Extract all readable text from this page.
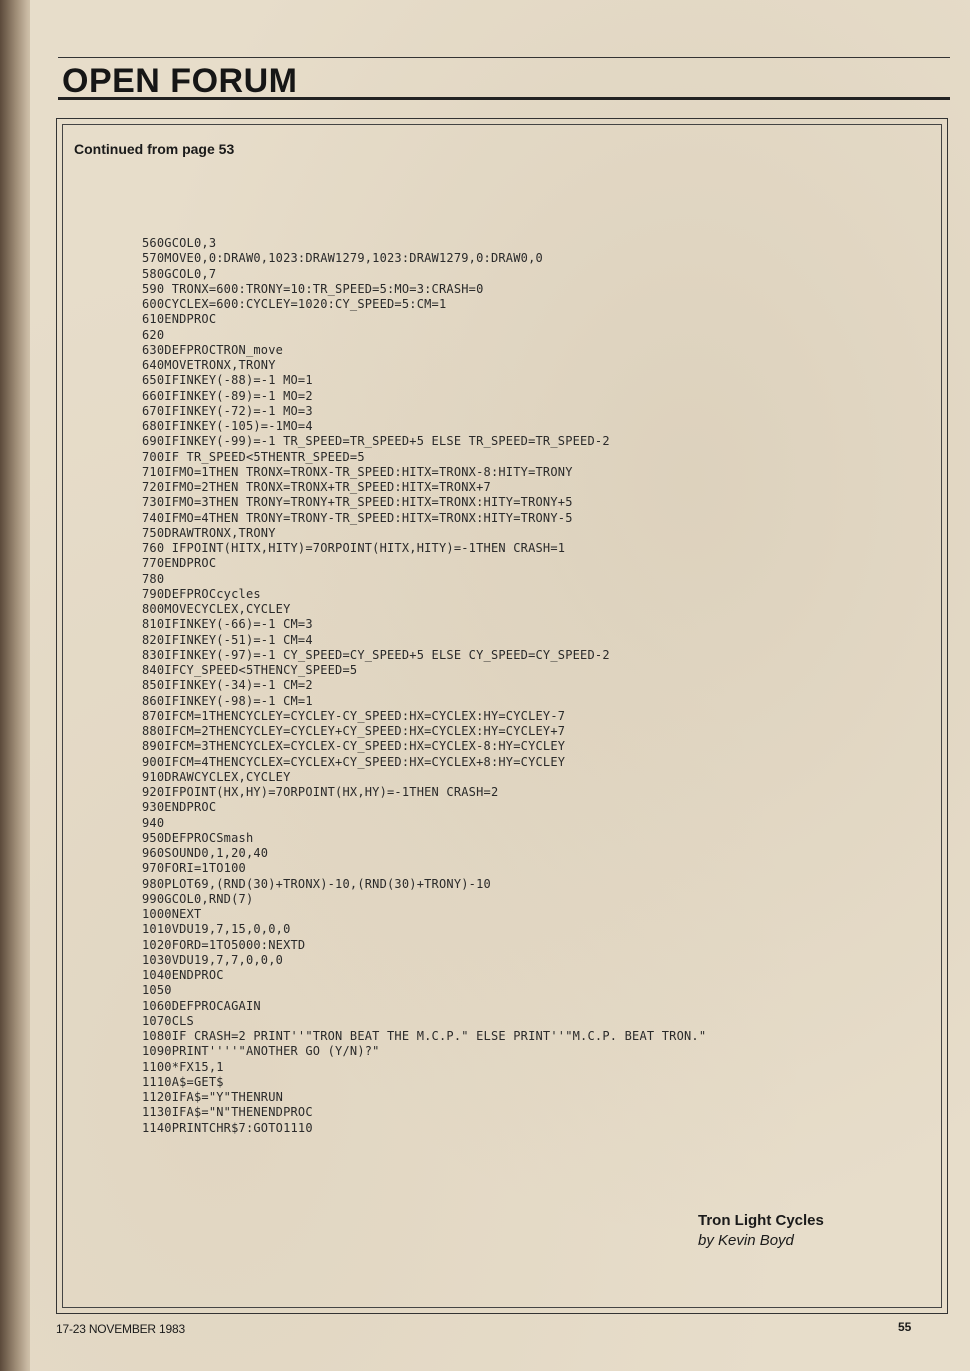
OPEN FORUM

Continued from page 53

560GCOL0,3
570MOVE0,0:DRAW0,1023:DRAW1279,1023:DRAW1279,0:DRAW0,0
580GCOL0,7
590 TRONX=600:TRONY=10:TR_SPEED=5:MO=3:CRASH=0
600CYCLEX=600:CYCLEY=1020:CY_SPEED=5:CM=1
610ENDPROC
620
630DEFPROCTRON_move
640MOVETRONX,TRONY
650IFINKEY(-88)=-1 MO=1
660IFINKEY(-89)=-1 MO=2
670IFINKEY(-72)=-1 MO=3
680IFINKEY(-105)=-1MO=4
690IFINKEY(-99)=-1 TR_SPEED=TR_SPEED+5 ELSE TR_SPEED=TR_SPEED-2
700IF TR_SPEED<5THENTR_SPEED=5
710IFMO=1THEN TRONX=TRONX-TR_SPEED:HITX=TRONX-8:HITY=TRONY
720IFMO=2THEN TRONX=TRONX+TR_SPEED:HITX=TRONX+7
730IFMO=3THEN TRONY=TRONY+TR_SPEED:HITX=TRONX:HITY=TRONY+5
740IFMO=4THEN TRONY=TRONY-TR_SPEED:HITX=TRONX:HITY=TRONY-5
750DRAWTRONX,TRONY
760 IFPOINT(HITX,HITY)=7ORPOINT(HITX,HITY)=-1THEN CRASH=1
770ENDPROC
780
790DEFPROCcycles
800MOVECYCLEX,CYCLEY
810IFINKEY(-66)=-1 CM=3
820IFINKEY(-51)=-1 CM=4
830IFINKEY(-97)=-1 CY_SPEED=CY_SPEED+5 ELSE CY_SPEED=CY_SPEED-2
840IFCY_SPEED<5THENCY_SPEED=5
850IFINKEY(-34)=-1 CM=2
860IFINKEY(-98)=-1 CM=1
870IFCM=1THENCYCLEY=CYCLEY-CY_SPEED:HX=CYCLEX:HY=CYCLEY-7
880IFCM=2THENCYCLEY=CYCLEY+CY_SPEED:HX=CYCLEX:HY=CYCLEY+7
890IFCM=3THENCYCLEX=CYCLEX-CY_SPEED:HX=CYCLEX-8:HY=CYCLEY
900IFCM=4THENCYCLEX=CYCLEX+CY_SPEED:HX=CYCLEX+8:HY=CYCLEY
910DRAWCYCLEX,CYCLEY
920IFPOINT(HX,HY)=7ORPOINT(HX,HY)=-1THEN CRASH=2
930ENDPROC
940
950DEFPROCSmash
960SOUND0,1,20,40
970FORI=1TO100
980PLOT69,(RND(30)+TRONX)-10,(RND(30)+TRONY)-10
990GCOL0,RND(7)
1000NEXT
1010VDU19,7,15,0,0,0
1020FORD=1TO5000:NEXTD
1030VDU19,7,7,0,0,0
1040ENDPROC
1050
1060DEFPROCAGAIN
1070CLS
1080IF CRASH=2 PRINT''"TRON BEAT THE M.C.P." ELSE PRINT''"M.C.P. BEAT TRON."
1090PRINT''''"ANOTHER GO (Y/N)?"
1100*FX15,1
1110A$=GET$
1120IFA$="Y"THENRUN
1130IFA$="N"THENENDPROC
1140PRINTCHR$7:GOTO1110

Tron Light Cycles

by Kevin Boyd

17-23 NOVEMBER 1983	55
